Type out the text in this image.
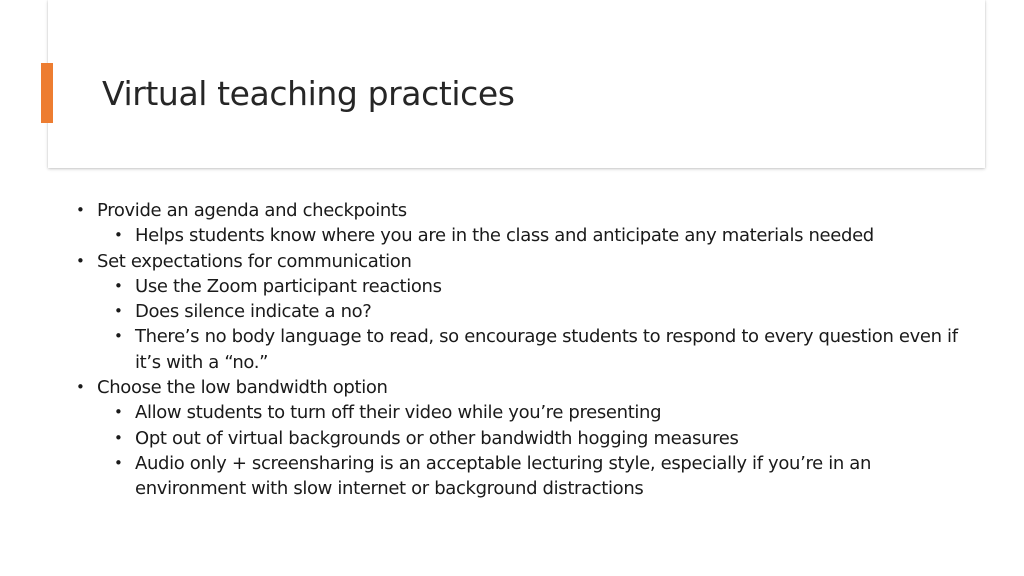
Virtual teaching practices
• Provide an agenda and checkpoints
• Helps students know where you are in the class and anticipate any materials needed
• Set expectations for communication
• Use the Zoom participant reactions
• Does silence indicate a no?
• There’s no body language to read, so encourage students to respond to every question even if it’s with a “no.”
• Choose the low bandwidth option
• Allow students to turn off their video while you’re presenting
• Opt out of virtual backgrounds or other bandwidth hogging measures
• Audio only + screensharing is an acceptable lecturing style, especially if you’re in an environment with slow internet or background distractions
